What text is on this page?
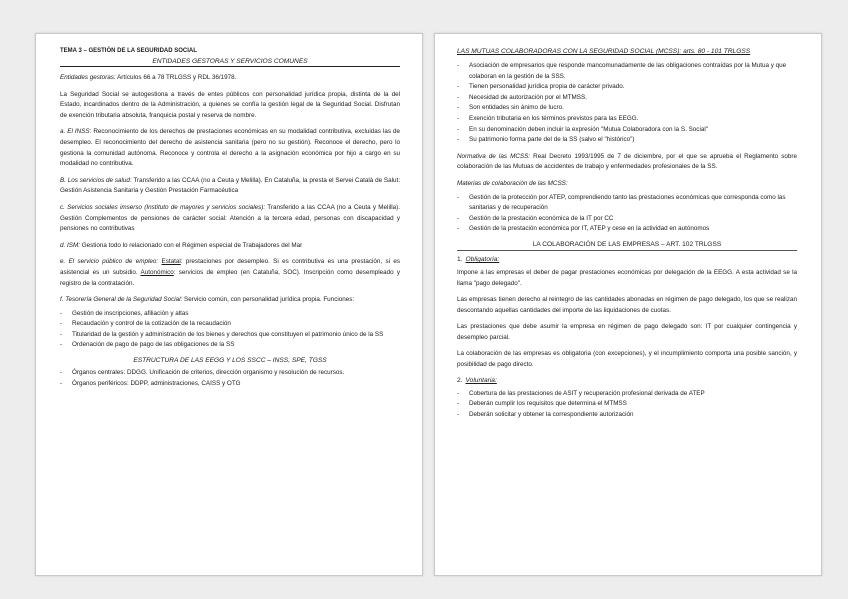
TEMA 3 – GESTIÓN DE LA SEGURIDAD SOCIAL
ENTIDADES GESTORAS Y SERVICIOS COMUNES

Entidades gestoras: Artículos 66 a 78 TRLGSS y RDL 36/1978.

La Seguridad Social se autogestiona a través de entes públicos con personalidad jurídica propia, distinta de la del Estado, incardinados dentro de la Administración, a quienes se confía la gestión legal de la Seguridad Social. Disfrutan de exención tributaria absoluta, franquicia postal y reserva de nombre.

a. El INSS: Reconocimiento de los derechos de prestaciones económicas en su modalidad contributiva, excluidas las de desempleo. El reconocimiento del derecho de asistencia sanitaria (pero no su gestión). Reconoce el derecho, pero lo gestiona la comunidad autónoma. Reconoce y controla el derecho a la asignación económica por hijo a cargo en su modalidad no contributiva.

B. Los servicios de salud: Transferido a las CCAA (no a Ceuta y Melilla). En Cataluña, la presta el Servei Català de Salut: Gestión Asistencia Sanitaria y Gestión Prestación Farmacéutica

c. Servicios sociales imserso (Instituto de mayores y servicios sociales): Transferido a las CCAA (no a Ceuta y Melilla). Gestión Complementos de pensiones de carácter social: Atención a la tercera edad, personas con discapacidad y pensiones no contributivas

d. ISM: Gestiona todo lo relacionado con el Régimen especial de Trabajadores del Mar

e. El servicio público de empleo: Estatal: prestaciones por desempleo. Si es contributiva es una prestación, si es asistencial es un subsidio. Autonómico: servicios de empleo (en Cataluña, SOC). Inscripción como desempleado y registro de la contratación.

f. Tesorería General de la Seguridad Social: Servicio común, con personalidad jurídica propia. Funciones:

- Gestión de inscripciones, afiliación y altas
- Recaudación y control de la cotización de la recaudación
- Titularidad de la gestión y administración de los bienes y derechos que constituyen el patrimonio único de la SS
- Ordenación de pago de pago de las obligaciones de la SS
ESTRUCTURA DE LAS EEGG Y LOS SSCC – INSS, SPE, TGSS
- Órganos centrales: DDGG. Unificación de criterios, dirección organismo y resolución de recursos.
- Órganos periféricos: DDPP, administraciones, CAISS y OTG
LAS MUTUAS COLABORADORAS CON LA SEGURIDAD SOCIAL (MCSS): arts. 80 - 101 TRLGSS
- Asociación de empresarios que responde mancomunadamente de las obligaciones contraídas por la Mutua y que colaboran en la gestión de la SSS.
- Tienen personalidad jurídica propia de carácter privado.
- Necesidad de autorización por el MTMSS.
- Son entidades sin ánimo de lucro.
- Exención tributaria en los términos previstos para las EEGG.
- En su denominación deben incluir la expresión "Mutua Colaboradora con la S. Social"
- Su patrimonio forma parte del de la SS (salvo el "histórico")

Normativa de las MCSS: Real Decreto 1993/1995 de 7 de diciembre, por el que se aprueba el Reglamento sobre colaboración de las Mutuas de accidentes de trabajo y enfermedades profesionales de la SS.

Materias de colaboración de las MCSS:

- Gestión de la protección por ATEP, comprendiendo tanto las prestaciones económicas que corresponda como las sanitarias y de recuperación
- Gestión de la prestación económica de la IT por CC
- Gestión de la prestación económica por IT, ATEP y cese en la actividad en autónomos
LA COLABORACIÓN DE LAS EMPRESAS – ART. 102 TRLGSS
1. Obligatoria:

Impone a las empresas el deber de pagar prestaciones económicas por delegación de la EEGG. A esta actividad se la llama "pago delegado".

Las empresas tienen derecho al reintegro de las cantidades abonadas en régimen de pago delegado, los que se realizan descontando aquellas cantidades del importe de las liquidaciones de cuotas.

Las prestaciones que debe asumir la empresa en régimen de pago delegado son: IT por cualquier contingencia y desempleo parcial.

La colaboración de las empresas es obligatoria (con excepciones), y el incumplimiento comporta una posible sanción, y posibilidad de pago directo.

2. Voluntaria:
- Cobertura de las prestaciones de ASIT y recuperación profesional derivada de ATEP
- Deberán cumplir los requisitos que determina el MTMSS
- Deberán solicitar y obtener la correspondiente autorización
